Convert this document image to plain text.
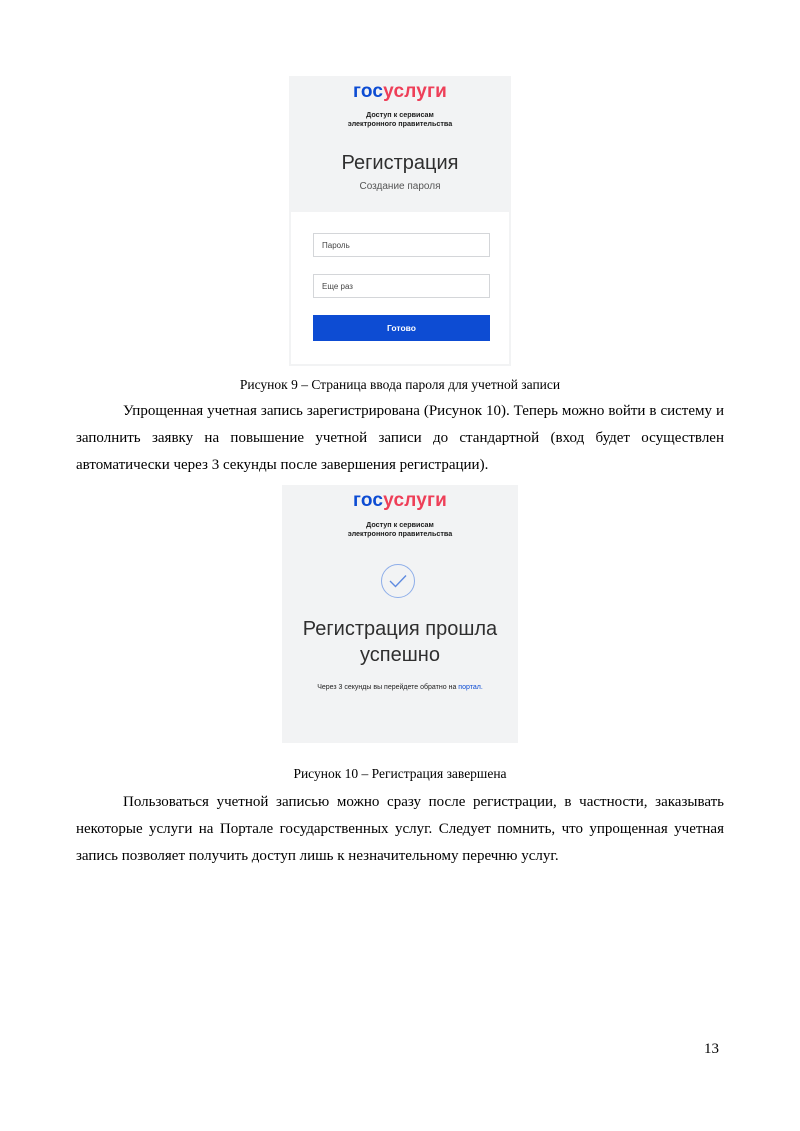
госуслуги
Доступ к сервисам
электронного правительства
Регистрация
Создание пароля
Пароль
Еще раз
Готово
Рисунок 9 – Страница ввода пароля для учетной записи

Упрощенная учетная запись зарегистрирована (Рисунок 10). Теперь можно войти в систему и заполнить заявку на повышение учетной записи до стандартной (вход будет осуществлен автоматически через 3 секунды после завершения регистрации).

госуслуги
Доступ к сервисам
электронного правительства
Регистрация прошла
успешно
Через 3 секунды вы перейдете обратно на портал.
Рисунок 10 – Регистрация завершена

Пользоваться учетной записью можно сразу после регистрации, в частности, заказывать некоторые услуги на Портале государственных услуг. Следует помнить, что упрощенная учетная запись позволяет получить доступ лишь к незначительному перечню услуг.

13
